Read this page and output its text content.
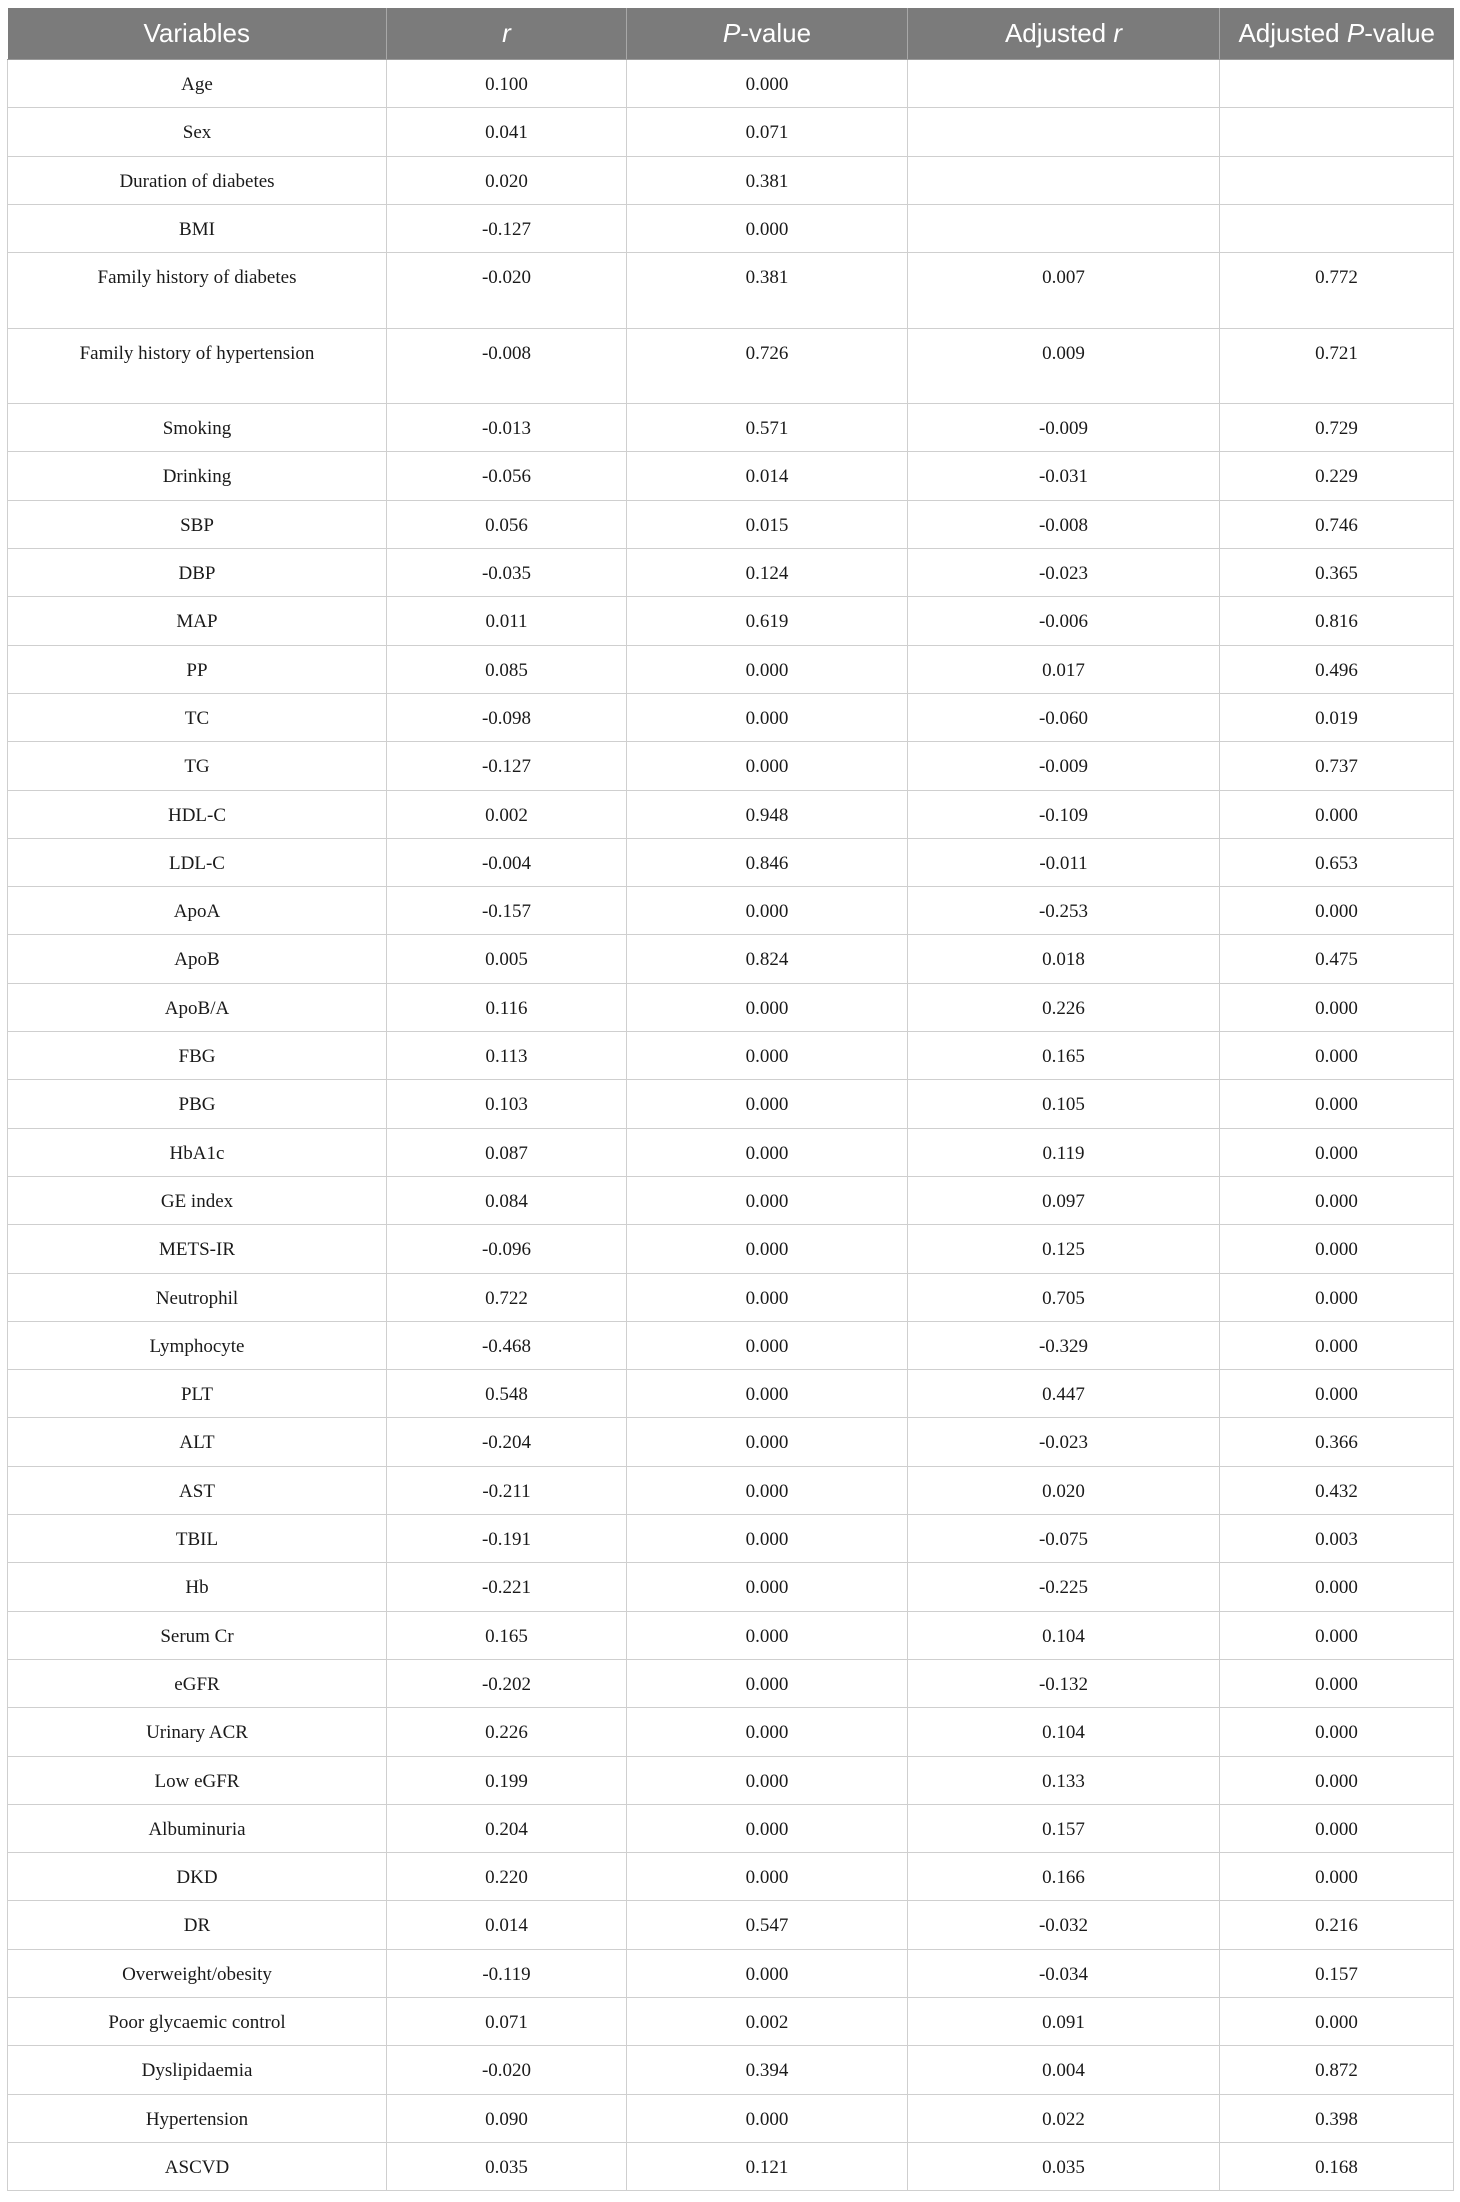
Variables	r	P-value	Adjusted r	Adjusted P-value
Age	0.100	0.000		
Sex	0.041	0.071		
Duration of diabetes	0.020	0.381		
BMI	-0.127	0.000		
Family history of diabetes	-0.020	0.381	0.007	0.772
Family history of hypertension	-0.008	0.726	0.009	0.721
Smoking	-0.013	0.571	-0.009	0.729
Drinking	-0.056	0.014	-0.031	0.229
SBP	0.056	0.015	-0.008	0.746
DBP	-0.035	0.124	-0.023	0.365
MAP	0.011	0.619	-0.006	0.816
PP	0.085	0.000	0.017	0.496
TC	-0.098	0.000	-0.060	0.019
TG	-0.127	0.000	-0.009	0.737
HDL-C	0.002	0.948	-0.109	0.000
LDL-C	-0.004	0.846	-0.011	0.653
ApoA	-0.157	0.000	-0.253	0.000
ApoB	0.005	0.824	0.018	0.475
ApoB/A	0.116	0.000	0.226	0.000
FBG	0.113	0.000	0.165	0.000
PBG	0.103	0.000	0.105	0.000
HbA1c	0.087	0.000	0.119	0.000
GE index	0.084	0.000	0.097	0.000
METS-IR	-0.096	0.000	0.125	0.000
Neutrophil	0.722	0.000	0.705	0.000
Lymphocyte	-0.468	0.000	-0.329	0.000
PLT	0.548	0.000	0.447	0.000
ALT	-0.204	0.000	-0.023	0.366
AST	-0.211	0.000	0.020	0.432
TBIL	-0.191	0.000	-0.075	0.003
Hb	-0.221	0.000	-0.225	0.000
Serum Cr	0.165	0.000	0.104	0.000
eGFR	-0.202	0.000	-0.132	0.000
Urinary ACR	0.226	0.000	0.104	0.000
Low eGFR	0.199	0.000	0.133	0.000
Albuminuria	0.204	0.000	0.157	0.000
DKD	0.220	0.000	0.166	0.000
DR	0.014	0.547	-0.032	0.216
Overweight/obesity	-0.119	0.000	-0.034	0.157
Poor glycaemic control	0.071	0.002	0.091	0.000
Dyslipidaemia	-0.020	0.394	0.004	0.872
Hypertension	0.090	0.000	0.022	0.398
ASCVD	0.035	0.121	0.035	0.168
